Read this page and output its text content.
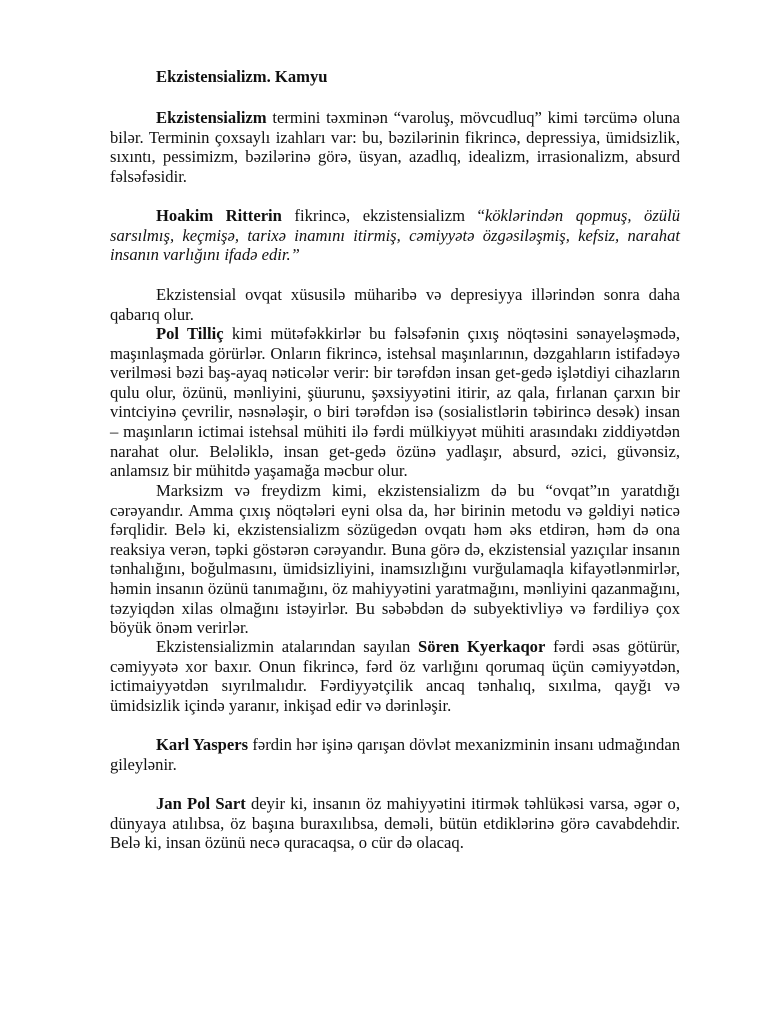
Ekzistensializm. Kamyu

Ekzistensializm termini təxminən “varoluş, mövcudluq” kimi tərcümə oluna bilər. Terminin çoxsaylı izahları var: bu, bəzilərinin fikrincə, depressiya, ümidsizlik, sıxıntı, pessimizm, bəzilərinə görə, üsyan, azadlıq, idealizm, irrasionalizm, absurd fəlsəfəsidir.

Hoakim Ritterin fikrincə, ekzistensializm “köklərindən qopmuş, özülü sarsılmış, keçmişə, tarixə inamını itirmiş, cəmiyyətə özgəsiləşmiş, kefsiz, narahat insanın varlığını ifadə edir.”

Ekzistensial ovqat xüsusilə müharibə və depresiyya illərindən sonra daha qabarıq olur.

Pol Tilliç kimi mütəfəkkirlər bu fəlsəfənin çıxış nöqtəsini sənayeləşmədə, maşınlaşmada görürlər. Onların fikrincə, istehsal maşınlarının, dəzgahların istifadəyə verilməsi bəzi baş-ayaq nəticələr verir: bir tərəfdən insan get-gedə işlətdiyi cihazların qulu olur, özünü, mənliyini, şüurunu, şəxsiyyətini itirir, az qala, fırlanan çarxın bir vintciyinə çevrilir, nəsnələşir, o biri tərəfdən isə (sosialistlərin təbirincə desək) insan – maşınların ictimai istehsal mühiti ilə fərdi mülkiyyət mühiti arasındakı ziddiyətdən narahat olur. Beləliklə, insan get-gedə özünə yadlaşır, absurd, əzici, güvənsiz, anlamsız bir mühitdə yaşamağa məcbur olur.

Marksizm və freydizm kimi, ekzistensializm də bu “ovqat”ın yaratdığı cərəyandır. Amma çıxış nöqtələri eyni olsa da, hər birinin metodu və gəldiyi nəticə fərqlidir. Belə ki, ekzistensializm sözügedən ovqatı həm əks etdirən, həm də ona reaksiya verən, təpki göstərən cərəyandır. Buna görə də, ekzistensial yazıçılar insanın tənhalığını, boğulmasını, ümidsizliyini, inamsızlığını vurğulamaqla kifayətlənmirlər, həmin insanın özünü tanımağını, öz mahiyyətini yaratmağını, mənliyini qazanmağını, təzyiqdən xilas olmağını istəyirlər. Bu səbəbdən də subyektivliyə və fərdiliyə çox böyük önəm verirlər.

Ekzistensializmin atalarından sayılan Sören Kyerkaqor fərdi əsas götürür, cəmiyyətə xor baxır. Onun fikrincə, fərd öz varlığını qorumaq üçün cəmiyyətdən, ictimaiyyətdən sıyrılmalıdır. Fərdiyyətçilik ancaq tənhalıq, sıxılma, qayğı və ümidsizlik içində yaranır, inkişad edir və dərinləşir.

Karl Yaspers fərdin hər işinə qarışan dövlət mexanizminin insanı udmağından gileylənir.

Jan Pol Sart deyir ki, insanın öz mahiyyətini itirmək təhlükəsi varsa, əgər o, dünyaya atılıbsa, öz başına buraxılıbsa, deməli, bütün etdiklərinə görə cavabdehdir. Belə ki, insan özünü necə quracaqsa, o cür də olacaq.
